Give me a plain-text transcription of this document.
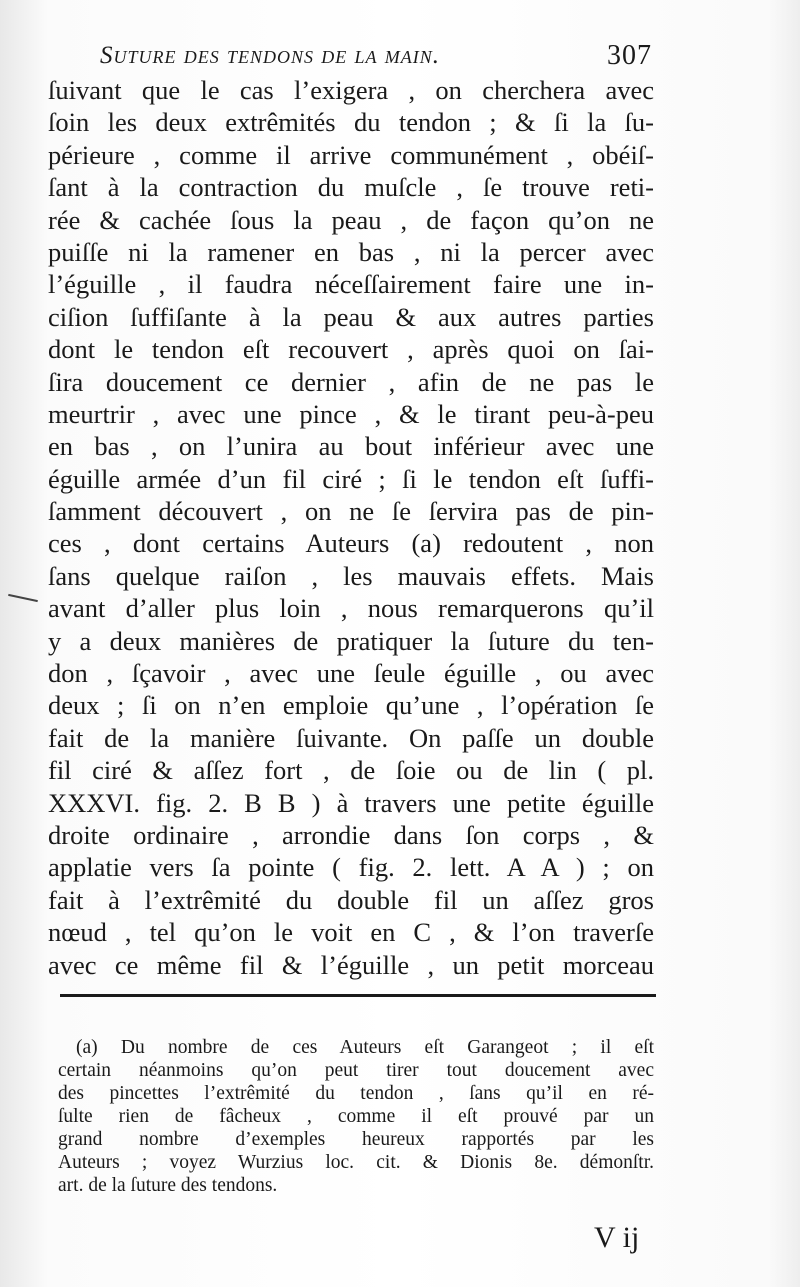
Suture des tendons de la main.	307
ſuivant que le cas l’exigera , on cherchera avec
ſoin les deux extrêmités du tendon ; & ſi la ſu-
périeure , comme il arrive communément , obéiſ-
ſant à la contraction du muſcle , ſe trouve reti-
rée & cachée ſous la peau , de façon qu’on ne
puiſſe ni la ramener en bas , ni la percer avec
l’éguille , il faudra néceſſairement faire une in-
ciſion ſuffiſante à la peau & aux autres parties
dont le tendon eſt recouvert , après quoi on ſai-
ſira doucement ce dernier , afin de ne pas le
meurtrir , avec une pince , & le tirant peu-à-peu
en bas , on l’unira au bout inférieur avec une
éguille armée d’un fil ciré ; ſi le tendon eſt ſuffi-
ſamment découvert , on ne ſe ſervira pas de pin-
ces , dont certains Auteurs (a) redoutent , non
ſans quelque raiſon , les mauvais effets. Mais
avant d’aller plus loin , nous remarquerons qu’il
y a deux manières de pratiquer la ſuture du ten-
don , ſçavoir , avec une ſeule éguille , ou avec
deux ; ſi on n’en emploie qu’une , l’opération ſe
fait de la manière ſuivante. On paſſe un double
fil ciré & aſſez fort , de ſoie ou de lin ( pl.
XXXVI. fig. 2. B B ) à travers une petite éguille
droite ordinaire , arrondie dans ſon corps , &
applatie vers ſa pointe ( fig. 2. lett. A A ) ; on
fait à l’extrêmité du double fil un aſſez gros
nœud , tel qu’on le voit en C , & l’on traverſe
avec ce même fil & l’éguille , un petit morceau
(a) Du nombre de ces Auteurs eſt Garangeot ; il eſt
certain néanmoins qu’on peut tirer tout doucement avec
des pincettes l’extrêmité du tendon , ſans qu’il en ré-
ſulte rien de fâcheux , comme il eſt prouvé par un
grand nombre d’exemples heureux rapportés par les
Auteurs ; voyez Wurzius loc. cit. & Dionis 8e. démonſtr.
art. de la ſuture des tendons.
V ij
